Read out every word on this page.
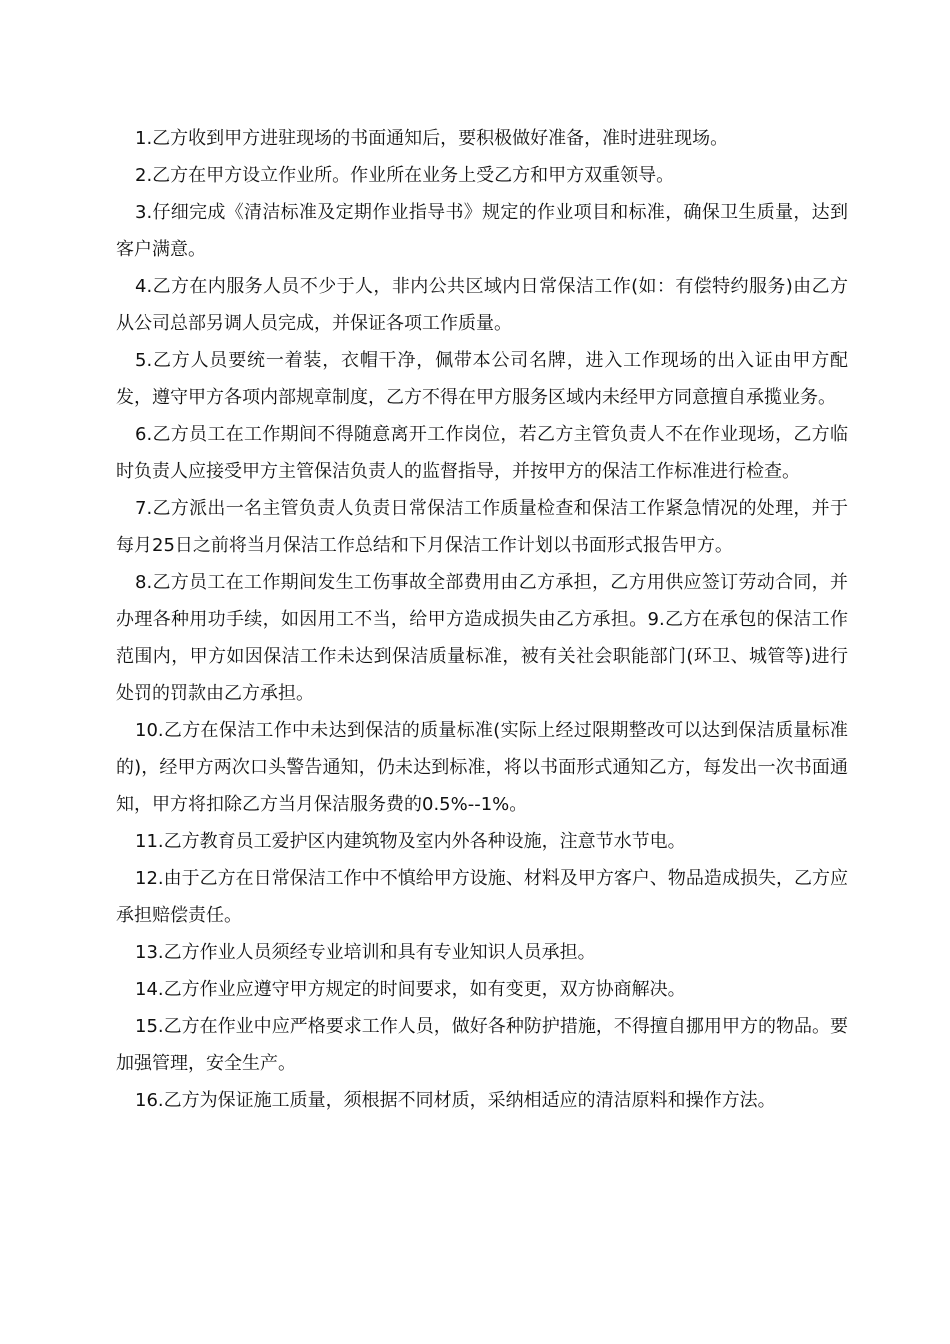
1.乙方收到甲方进驻现场的书面通知后，要积极做好准备，准时进驻现场。

2.乙方在甲方设立作业所。作业所在业务上受乙方和甲方双重领导。

3.仔细完成《清洁标准及定期作业指导书》规定的作业项目和标准，确保卫生质量，达到客户满意。

4.乙方在内服务人员不少于人，非内公共区域内日常保洁工作(如：有偿特约服务)由乙方从公司总部另调人员完成，并保证各项工作质量。

5.乙方人员要统一着装，衣帽干净，佩带本公司名牌，进入工作现场的出入证由甲方配发，遵守甲方各项内部规章制度，乙方不得在甲方服务区域内未经甲方同意擅自承揽业务。

6.乙方员工在工作期间不得随意离开工作岗位，若乙方主管负责人不在作业现场，乙方临时负责人应接受甲方主管保洁负责人的监督指导，并按甲方的保洁工作标准进行检查。

7.乙方派出一名主管负责人负责日常保洁工作质量检查和保洁工作紧急情况的处理，并于每月25日之前将当月保洁工作总结和下月保洁工作计划以书面形式报告甲方。

8.乙方员工在工作期间发生工伤事故全部费用由乙方承担，乙方用供应签订劳动合同，并办理各种用功手续，如因用工不当，给甲方造成损失由乙方承担。9.乙方在承包的保洁工作范围内，甲方如因保洁工作未达到保洁质量标准，被有关社会职能部门(环卫、城管等)进行处罚的罚款由乙方承担。

10.乙方在保洁工作中未达到保洁的质量标准(实际上经过限期整改可以达到保洁质量标准的)，经甲方两次口头警告通知，仍未达到标准，将以书面形式通知乙方，每发出一次书面通知，甲方将扣除乙方当月保洁服务费的0.5%--1%。

11.乙方教育员工爱护区内建筑物及室内外各种设施，注意节水节电。

12.由于乙方在日常保洁工作中不慎给甲方设施、材料及甲方客户、物品造成损失，乙方应承担赔偿责任。

13.乙方作业人员须经专业培训和具有专业知识人员承担。

14.乙方作业应遵守甲方规定的时间要求，如有变更，双方协商解决。

15.乙方在作业中应严格要求工作人员，做好各种防护措施，不得擅自挪用甲方的物品。要加强管理，安全生产。

16.乙方为保证施工质量，须根据不同材质，采纳相适应的清洁原料和操作方法。
